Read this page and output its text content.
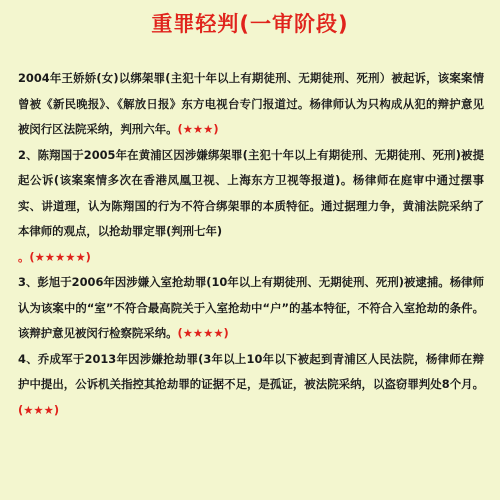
重罪轻判(一审阶段)

2004年王娇娇(女)以绑架罪(主犯十年以上有期徒刑、无期徒刑、死刑）被起诉，该案案情曾被《新民晚报》、《解放日报》东方电视台专门报道过。杨律师认为只构成从犯的辩护意见被闵行区法院采纳，判刑六年。(★★★)

2、陈翔国于2005年在黄浦区因涉嫌绑架罪(主犯十年以上有期徒刑、无期徒刑、死刑)被提起公诉(该案案情多次在香港凤凰卫视、上海东方卫视等报道)。杨律师在庭审中通过摆事实、讲道理，认为陈翔国的行为不符合绑架罪的本质特征。通过据理力争，黄浦法院采纳了本律师的观点，以抢劫罪定罪(判刑七年)
。(★★★★★)

3、彭旭于2006年因涉嫌入室抢劫罪(10年以上有期徒刑、无期徒刑、死刑)被逮捕。杨律师认为该案中的“室”不符合最高院关于入室抢劫中“户”的基本特征，不符合入室抢劫的条件。该辩护意见被闵行检察院采纳。(★★★★)

4、乔成军于2013年因涉嫌抢劫罪(3年以上10年以下被起到青浦区人民法院，杨律师在辩护中提出，公诉机关指控其抢劫罪的证据不足，是孤证，被法院采纳，以盗窃罪判处8个月。(★★★)
